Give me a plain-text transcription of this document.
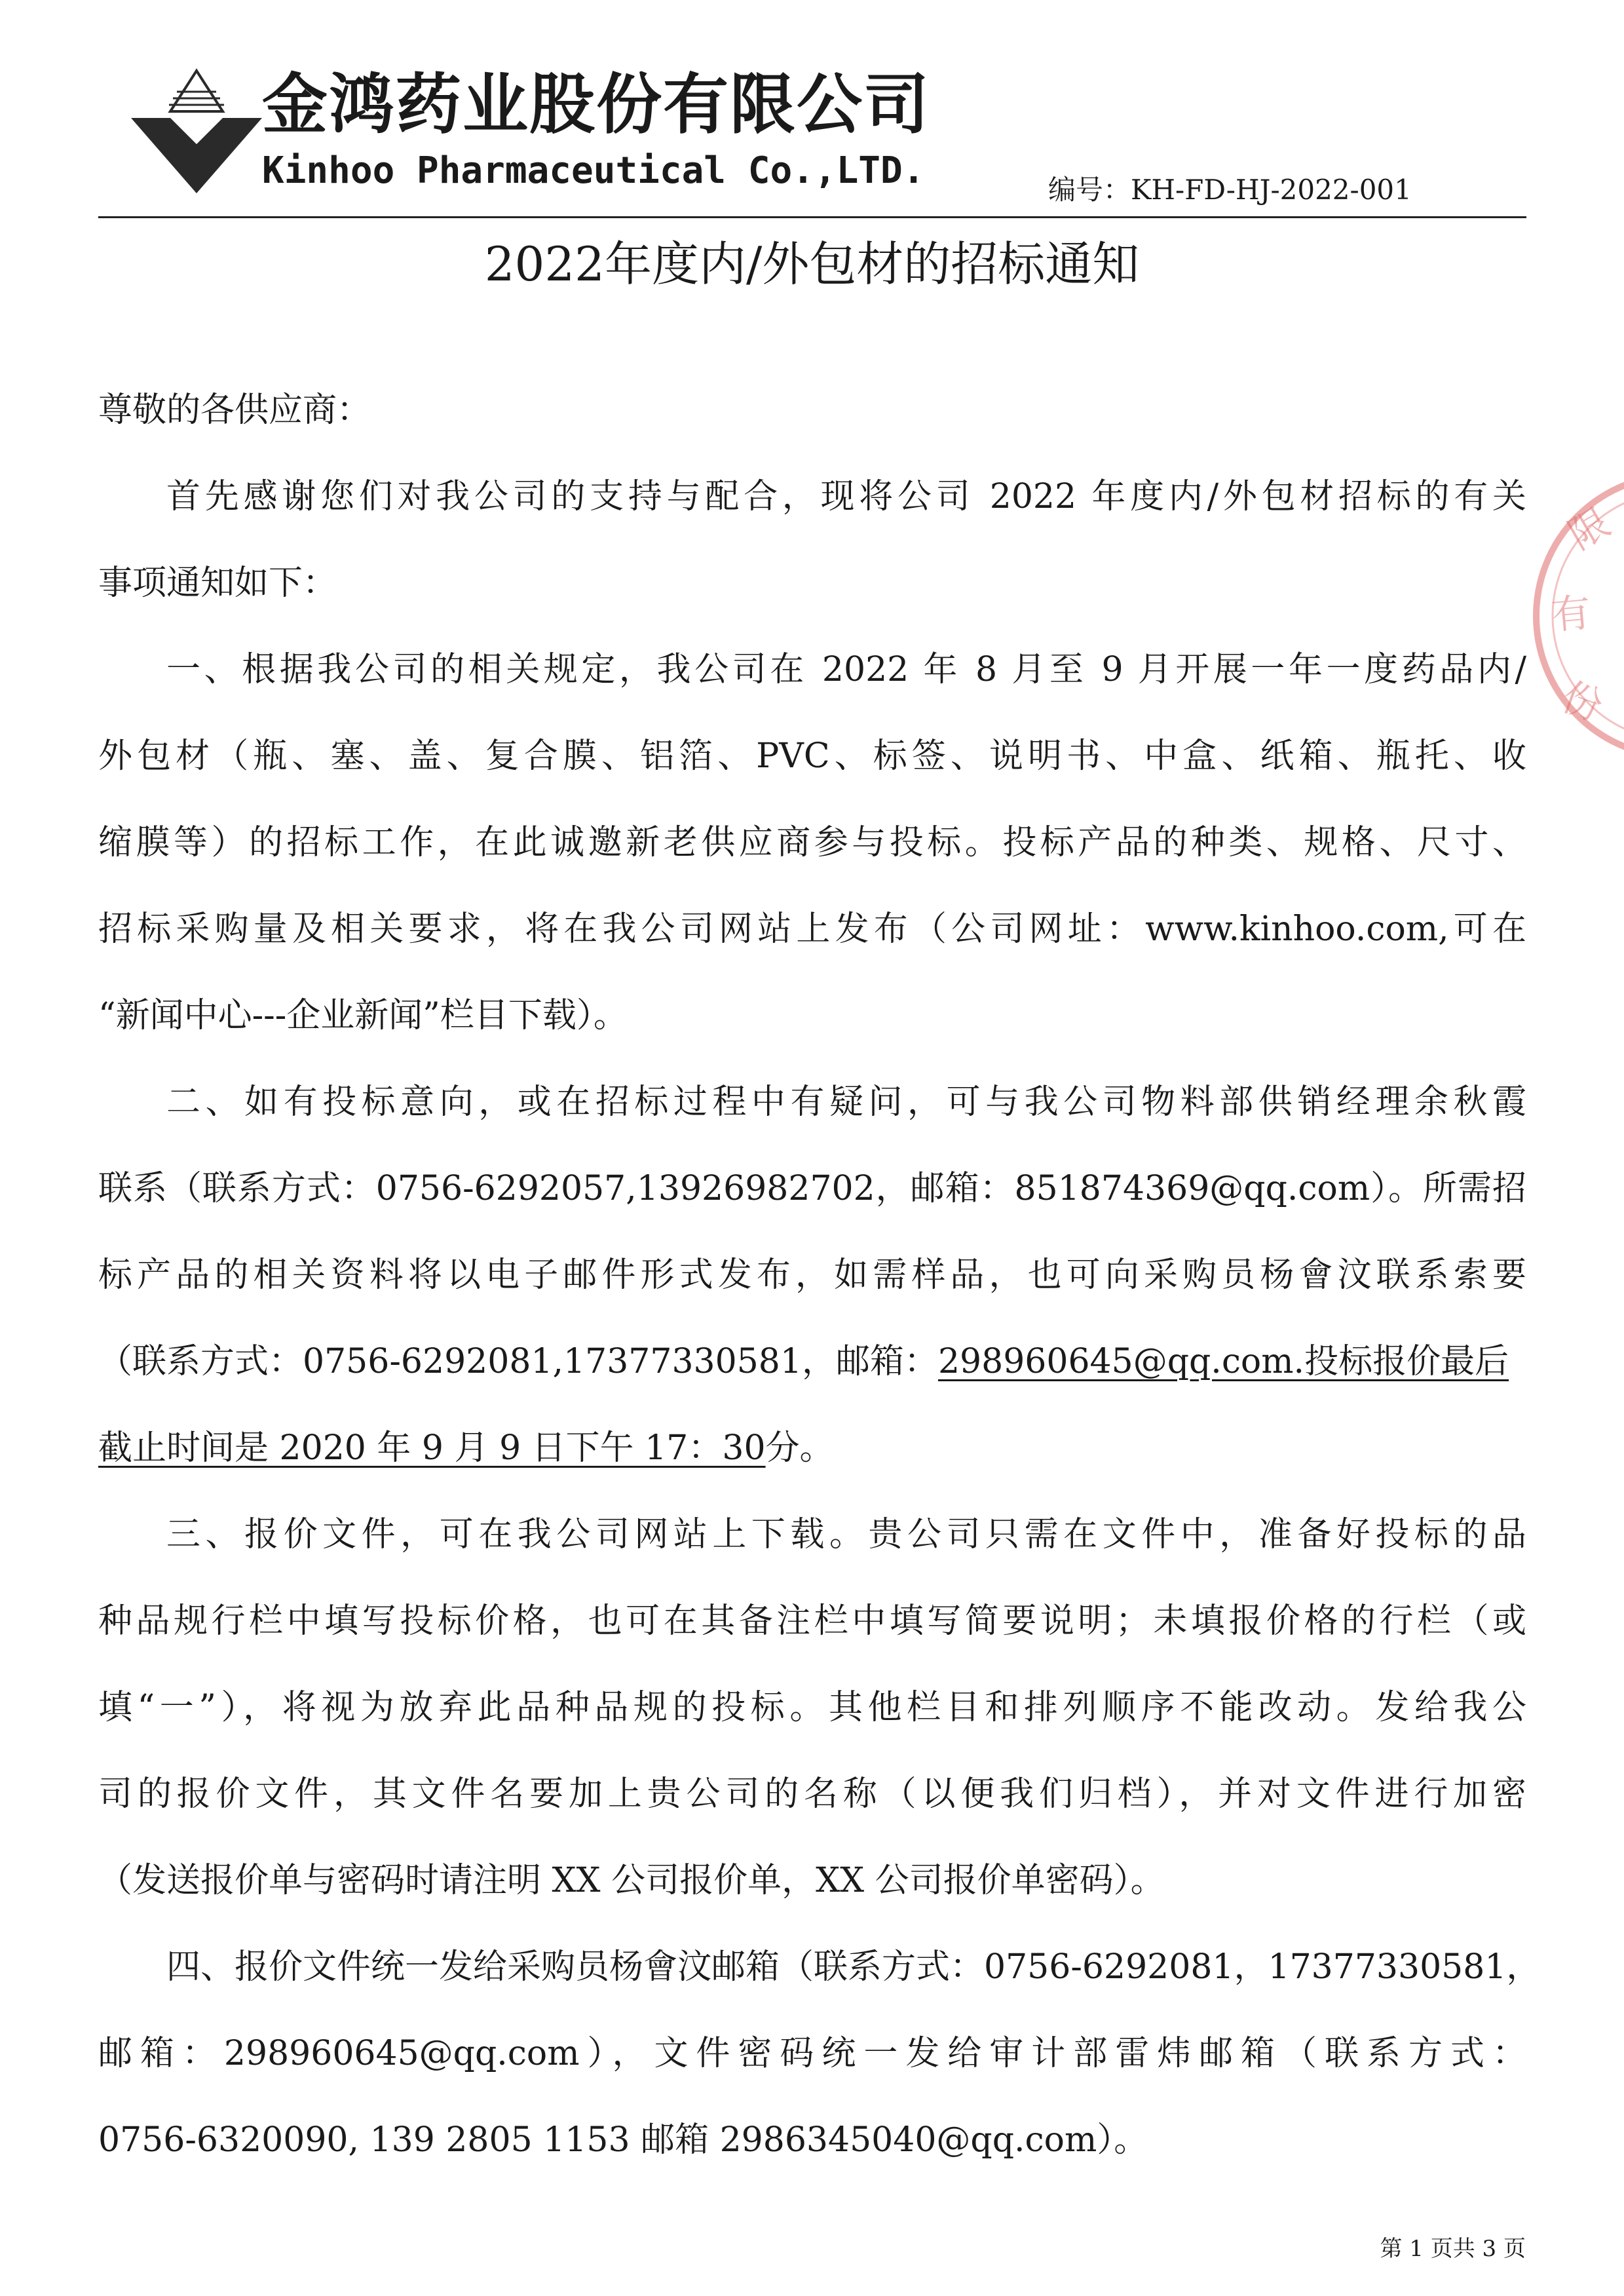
金鸿药业股份有限公司
Kinhoo Pharmaceutical Co.,LTD.	编号：KH-FD-HJ-2022-001
2022年度内/外包材的招标通知
尊敬的各供应商：
首先感谢您们对我公司的支持与配合，现将公司 2022 年度内/外包材招标的有关
事项通知如下：
一、根据我公司的相关规定，我公司在 2022 年 8 月至 9 月开展一年一度药品内/
外包材（瓶、塞、盖、复合膜、铝箔、PVC、标签、说明书、中盒、纸箱、瓶托、收
缩膜等）的招标工作，在此诚邀新老供应商参与投标。投标产品的种类、规格、尺寸、
招标采购量及相关要求，将在我公司网站上发布（公司网址：www.kinhoo.com,可在
“新闻中心---企业新闻”栏目下载）。
二、如有投标意向，或在招标过程中有疑问，可与我公司物料部供销经理余秋霞
联系（联系方式：0756-6292057,13926982702，邮箱：851874369@qq.com）。所需招
标产品的相关资料将以电子邮件形式发布，如需样品，也可向采购员杨會汶联系索要
（联系方式：0756-6292081,17377330581，邮箱：298960645@qq.com.投标报价最后
截止时间是 2020 年 9 月 9 日下午 17：30分。
三、报价文件，可在我公司网站上下载。贵公司只需在文件中，准备好投标的品
种品规行栏中填写投标价格，也可在其备注栏中填写简要说明；未填报价格的行栏（或
填“一”），将视为放弃此品种品规的投标。其他栏目和排列顺序不能改动。发给我公
司的报价文件，其文件名要加上贵公司的名称（以便我们归档），并对文件进行加密
（发送报价单与密码时请注明 XX 公司报价单，XX 公司报价单密码）。
四、报价文件统一发给采购员杨會汶邮箱（联系方式：0756-6292081，17377330581，
邮箱：298960645@qq.com），文件密码统一发给审计部雷炜邮箱（联系方式：
0756-6320090, 139 2805 1153 邮箱 2986345040@qq.com）。
限
有
份
第 1 页共 3 页
